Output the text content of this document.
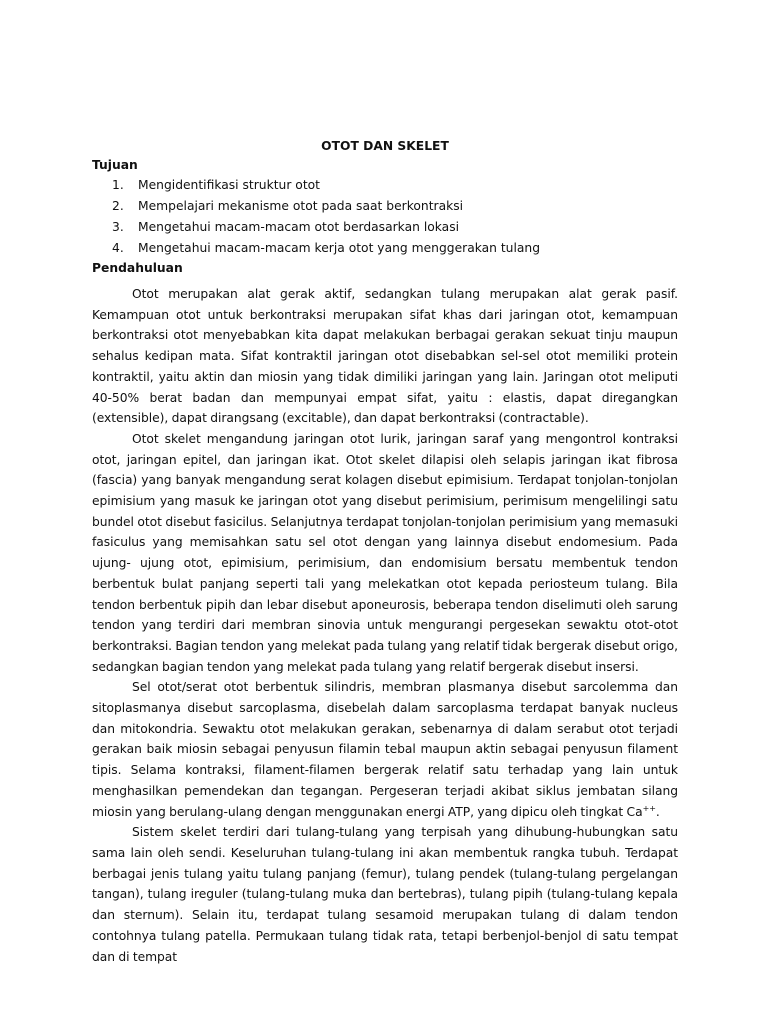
OTOT DAN SKELET

Tujuan

1.	Mengidentifikasi struktur otot
2.	Mempelajari mekanisme otot pada saat berkontraksi
3.	Mengetahui macam-macam otot berdasarkan lokasi
4.	Mengetahui macam-macam kerja otot yang menggerakan tulang

Pendahuluan

Otot merupakan alat gerak aktif, sedangkan tulang merupakan alat gerak pasif. Kemampuan otot untuk berkontraksi merupakan sifat khas dari jaringan otot, kemampuan berkontraksi otot menyebabkan kita dapat melakukan berbagai gerakan sekuat tinju maupun sehalus kedipan mata. Sifat kontraktil jaringan otot disebabkan sel-sel otot memiliki protein kontraktil, yaitu aktin dan miosin yang tidak dimiliki jaringan yang lain. Jaringan otot meliputi 40-50% berat badan dan mempunyai empat sifat, yaitu : elastis, dapat diregangkan (extensible), dapat dirangsang (excitable), dan dapat berkontraksi (contractable).

Otot skelet mengandung jaringan otot lurik, jaringan saraf yang mengontrol kontraksi otot, jaringan epitel, dan jaringan ikat. Otot skelet dilapisi oleh selapis jaringan ikat fibrosa (fascia) yang banyak mengandung serat kolagen disebut epimisium. Terdapat tonjolan-tonjolan epimisium yang masuk ke jaringan otot yang disebut perimisium, perimisum mengelilingi satu bundel otot disebut fasicilus. Selanjutnya terdapat tonjolan-tonjolan perimisium yang memasuki fasiculus yang memisahkan satu sel otot dengan yang lainnya disebut endomesium. Pada ujung- ujung otot, epimisium, perimisium, dan endomisium bersatu membentuk tendon berbentuk bulat panjang seperti tali yang melekatkan otot kepada periosteum tulang. Bila tendon berbentuk pipih dan lebar disebut aponeurosis, beberapa tendon diselimuti oleh sarung tendon yang terdiri dari membran sinovia untuk mengurangi pergesekan sewaktu otot-otot berkontraksi. Bagian tendon yang melekat pada tulang yang relatif tidak bergerak disebut origo, sedangkan bagian tendon yang melekat pada tulang yang relatif bergerak disebut insersi.

Sel otot/serat otot berbentuk silindris, membran plasmanya disebut sarcolemma dan sitoplasmanya disebut sarcoplasma, disebelah dalam sarcoplasma terdapat banyak nucleus dan mitokondria. Sewaktu otot melakukan gerakan, sebenarnya di dalam serabut otot terjadi gerakan baik miosin sebagai penyusun filamin tebal maupun aktin sebagai penyusun filament tipis. Selama kontraksi, filament-filamen bergerak relatif satu terhadap yang lain untuk menghasilkan pemendekan dan tegangan. Pergeseran terjadi akibat siklus jembatan silang miosin yang berulang-ulang dengan menggunakan energi ATP, yang dipicu oleh tingkat Ca++.

Sistem skelet terdiri dari tulang-tulang yang terpisah yang dihubung-hubungkan satu sama lain oleh sendi. Keseluruhan tulang-tulang ini akan membentuk rangka tubuh. Terdapat berbagai jenis tulang yaitu tulang panjang (femur), tulang pendek (tulang-tulang pergelangan tangan), tulang ireguler (tulang-tulang muka dan bertebras), tulang pipih (tulang-tulang kepala dan sternum). Selain itu, terdapat tulang sesamoid merupakan tulang di dalam tendon contohnya tulang patella. Permukaan tulang tidak rata, tetapi berbenjol-benjol di satu tempat dan di tempat
